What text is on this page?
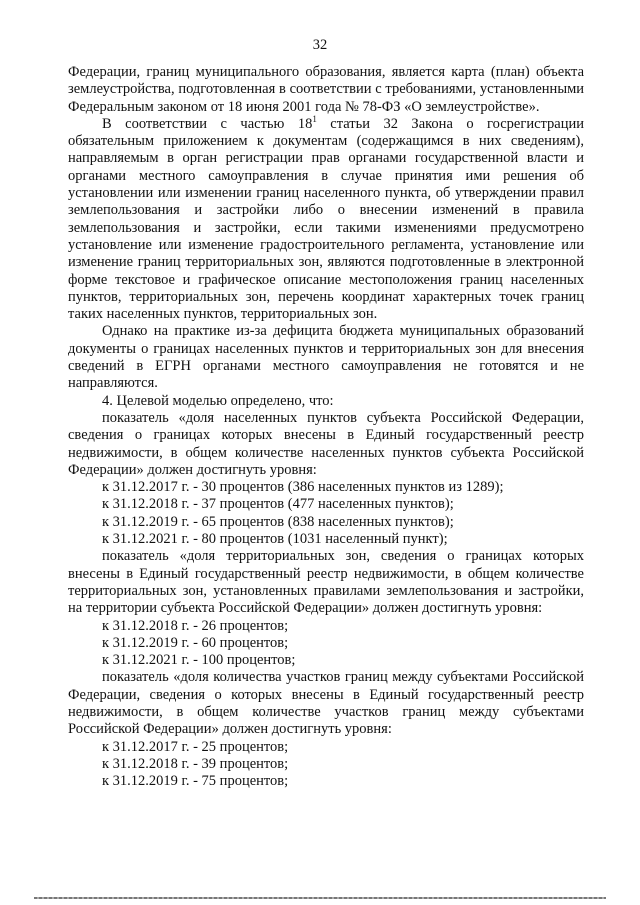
32

Федерации, границ муниципального образования, является карта (план) объекта землеустройства, подготовленная в соответствии с требованиями, установленными Федеральным законом от 18 июня 2001 года № 78-ФЗ «О землеустройстве».

В соответствии с частью $18^1$ статьи 32 Закона о госрегистрации обязательным приложением к документам (содержащимся в них сведениям), направляемым в орган регистрации прав органами государственной власти и органами местного самоуправления в случае принятия ими решения об установлении или изменении границ населенного пункта, об утверждении правил землепользования и застройки либо о внесении изменений в правила землепользования и застройки, если такими изменениями предусмотрено установление или изменение градостроительного регламента, установление или изменение границ территориальных зон, являются подготовленные в электронной форме текстовое и графическое описание местоположения границ населенных пунктов, территориальных зон, перечень координат характерных точек границ таких населенных пунктов, территориальных зон.

Однако на практике из-за дефицита бюджета муниципальных образований документы о границах населенных пунктов и территориальных зон для внесения сведений в ЕГРН органами местного самоуправления не готовятся и не направляются.

4. Целевой моделью определено, что:

показатель «доля населенных пунктов субъекта Российской Федерации, сведения о границах которых внесены в Единый государственный реестр недвижимости, в общем количестве населенных пунктов субъекта Российской Федерации» должен достигнуть уровня:

к 31.12.2017 г. - 30 процентов (386 населенных пунктов из 1289);

к 31.12.2018 г. - 37 процентов (477 населенных пунктов);

к 31.12.2019 г. - 65 процентов (838 населенных пунктов);

к 31.12.2021 г. - 80 процентов (1031 населенный пункт);

показатель «доля территориальных зон, сведения о границах которых внесены в Единый государственный реестр недвижимости, в общем количестве территориальных зон, установленных правилами землепользования и застройки, на территории субъекта Российской Федерации» должен достигнуть уровня:

к 31.12.2018 г. - 26 процентов;

к 31.12.2019 г. - 60 процентов;

к 31.12.2021 г. - 100 процентов;

показатель «доля количества участков границ между субъектами Российской Федерации, сведения о которых внесены в Единый государственный реестр недвижимости, в общем количестве участков границ между субъектами Российской Федерации» должен достигнуть уровня:

к 31.12.2017 г. - 25 процентов;

к 31.12.2018 г. - 39 процентов;

к 31.12.2019 г. - 75 процентов;
